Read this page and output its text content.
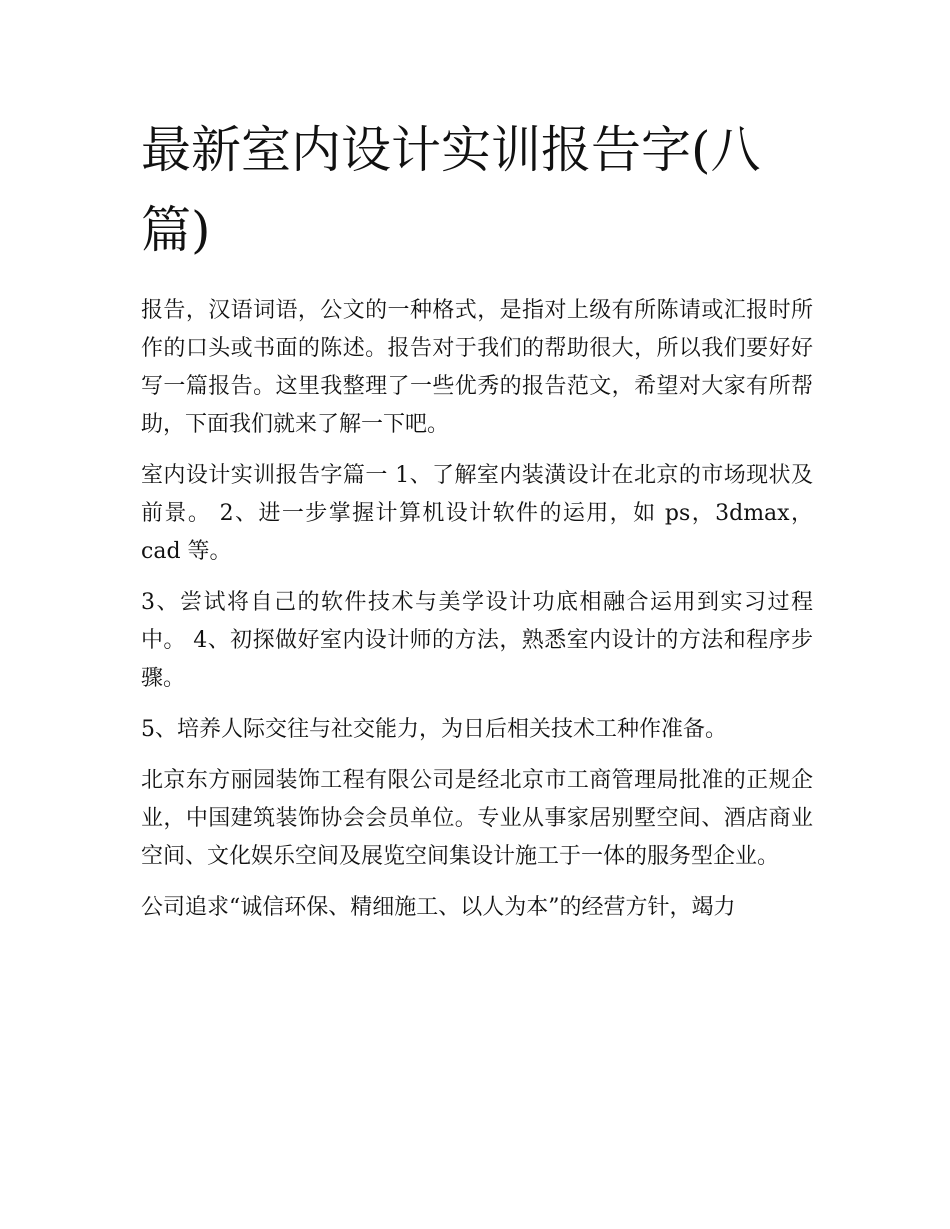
最新室内设计实训报告字(八篇)

报告，汉语词语，公文的一种格式，是指对上级有所陈请或汇报时所作的口头或书面的陈述。报告对于我们的帮助很大，所以我们要好好写一篇报告。这里我整理了一些优秀的报告范文，希望对大家有所帮助，下面我们就来了解一下吧。

室内设计实训报告字篇一 1、了解室内装潢设计在北京的市场现状及前景。 2、进一步掌握计算机设计软件的运用，如 ps，3dmax，cad 等。

3、尝试将自己的软件技术与美学设计功底相融合运用到实习过程中。 4、初探做好室内设计师的方法，熟悉室内设计的方法和程序步骤。

5、培养人际交往与社交能力，为日后相关技术工种作准备。

北京东方丽园装饰工程有限公司是经北京市工商管理局批准的正规企业，中国建筑装饰协会会员单位。专业从事家居别墅空间、酒店商业空间、文化娱乐空间及展览空间集设计施工于一体的服务型企业。

公司追求“诚信环保、精细施工、以人为本”的经营方针，竭力
